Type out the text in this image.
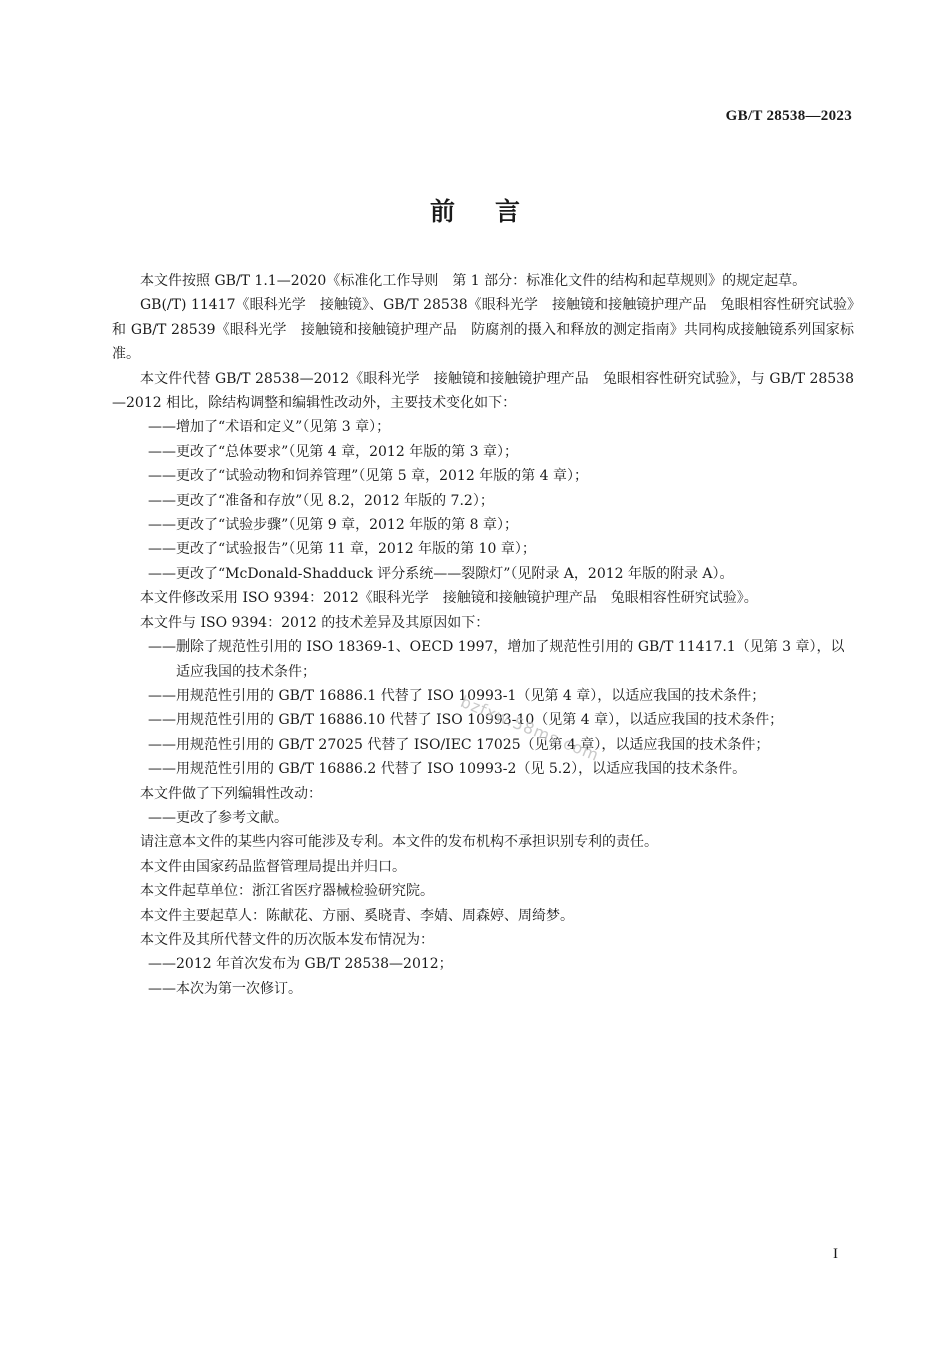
GB/T 28538—2023
前言
本文件按照 GB/T 1.1—2020《标准化工作导则　第 1 部分：标准化文件的结构和起草规则》的规定起草。
GB(/T) 11417《眼科光学　接触镜》、GB/T 28538《眼科光学　接触镜和接触镜护理产品　兔眼相容性研究试验》和 GB/T 28539《眼科光学　接触镜和接触镜护理产品　防腐剂的摄入和释放的测定指南》共同构成接触镜系列国家标准。
本文件代替 GB/T 28538—2012《眼科光学　接触镜和接触镜护理产品　兔眼相容性研究试验》，与 GB/T 28538—2012 相比，除结构调整和编辑性改动外，主要技术变化如下：
——增加了“术语和定义”（见第 3 章）；
——更改了“总体要求”（见第 4 章，2012 年版的第 3 章）；
——更改了“试验动物和饲养管理”（见第 5 章，2012 年版的第 4 章）；
——更改了“准备和存放”（见 8.2，2012 年版的 7.2）；
——更改了“试验步骤”（见第 9 章，2012 年版的第 8 章）；
——更改了“试验报告”（见第 11 章，2012 年版的第 10 章）；
——更改了“McDonald-Shadduck 评分系统——裂隙灯”（见附录 A，2012 年版的附录 A）。
本文件修改采用 ISO 9394：2012《眼科光学　接触镜和接触镜护理产品　兔眼相容性研究试验》。
本文件与 ISO 9394：2012 的技术差异及其原因如下：
——删除了规范性引用的 ISO 18369-1、OECD 1997，增加了规范性引用的 GB/T 11417.1（见第 3 章），以适应我国的技术条件；
——用规范性引用的 GB/T 16886.1 代替了 ISO 10993-1（见第 4 章），以适应我国的技术条件；
——用规范性引用的 GB/T 16886.10 代替了 ISO 10993-10（见第 4 章），以适应我国的技术条件；
——用规范性引用的 GB/T 27025 代替了 ISO/IEC 17025（见第 4 章），以适应我国的技术条件；
——用规范性引用的 GB/T 16886.2 代替了 ISO 10993-2（见 5.2），以适应我国的技术条件。
本文件做了下列编辑性改动：
——更改了参考文献。
请注意本文件的某些内容可能涉及专利。本文件的发布机构不承担识别专利的责任。
本文件由国家药品监督管理局提出并归口。
本文件起草单位：浙江省医疗器械检验研究院。
本文件主要起草人：陈献花、方丽、奚晓青、李婧、周森婷、周绮梦。
本文件及其所代替文件的历次版本发布情况为：
——2012 年首次发布为 GB/T 28538—2012；
——本次为第一次修订。
bzfxw.58ms.com
I
